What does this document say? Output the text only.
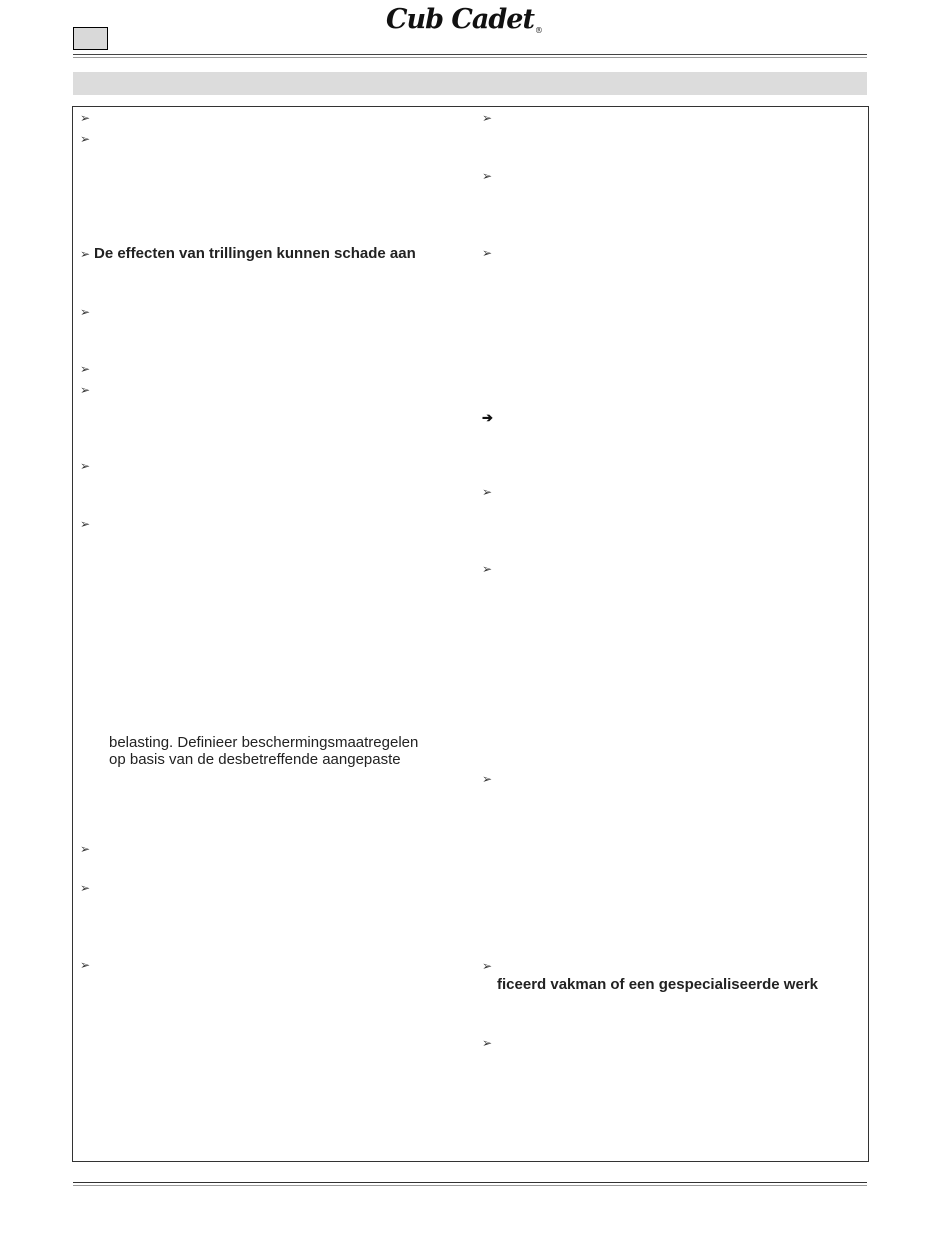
Cub Cadet®
➢
➢
➢
➢
➢
➢
➢
➢
➢
➢
➢
De effecten van trillingen kunnen schade aan
belasting. Definieer beschermingsmaatregelen
op basis van de desbetreffende aangepaste
➢
➢
➢
➔
➢
➢
➢
➢
➢
ficeerd vakman of een gespecialiseerde werk
